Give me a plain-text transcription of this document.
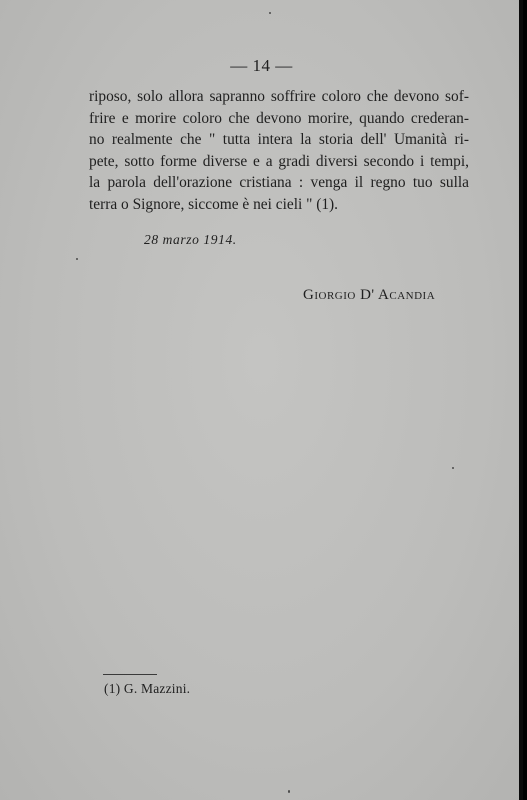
— 14 —
riposo, solo allora sapranno soffrire coloro che devono sof-
frire e morire coloro che devono morire, quando crederan-
no realmente che " tutta intera la storia dell' Umanità ri-
pete, sotto forme diverse e a gradi diversi secondo i tempi,
la parola dell'orazione cristiana : venga il regno tuo sulla
terra o Signore, siccome è nei cieli " (1).
28 marzo 1914.
Giorgio D' Acandia
(1) G. Mazzini.
